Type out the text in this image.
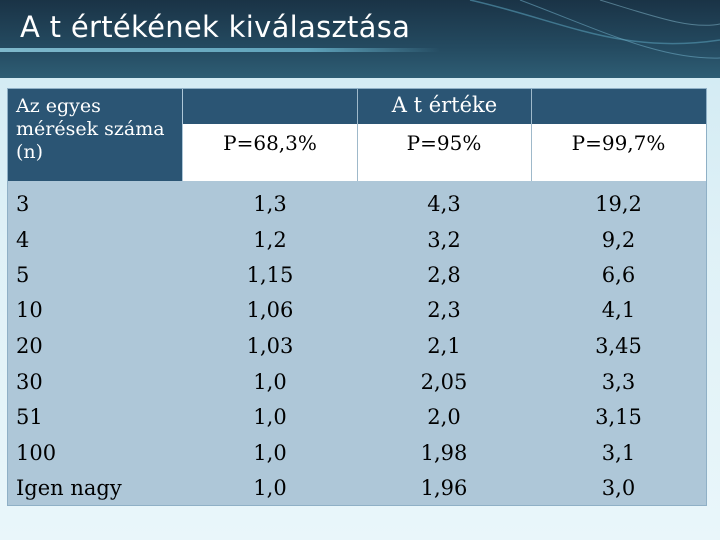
A t értékének kiválasztása
Az egyes mérések száma (n)
A t értéke
P=68,3%	P=95%	P=99,7%
3	1,3	4,3	19,2
4	1,2	3,2	9,2
5	1,15	2,8	6,6
10	1,06	2,3	4,1
20	1,03	2,1	3,45
30	1,0	2,05	3,3
51	1,0	2,0	3,15
100	1,0	1,98	3,1
Igen nagy	1,0	1,96	3,0
